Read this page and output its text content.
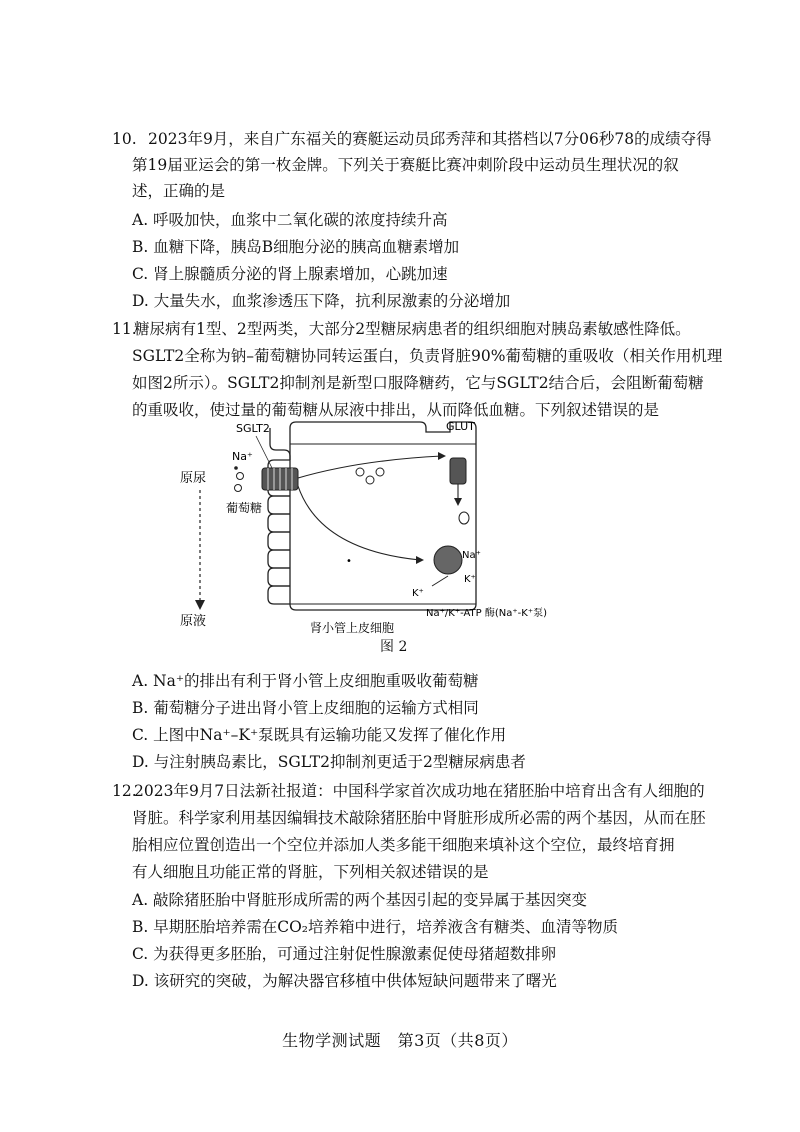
10. 2023年9月，来自广东福关的赛艇运动员邱秀萍和其搭档以7分06秒78的成绩夺得
第19届亚运会的第一枚金牌。下列关于赛艇比赛冲刺阶段中运动员生理状况的叙
述，正确的是
A. 呼吸加快，血浆中二氧化碳的浓度持续升高
B. 血糖下降，胰岛B细胞分泌的胰高血糖素增加
C. 肾上腺髓质分泌的肾上腺素增加，心跳加速
D. 大量失水，血浆渗透压下降，抗利尿激素的分泌增加
11.糖尿病有1型、2型两类，大部分2型糖尿病患者的组织细胞对胰岛素敏感性降低。
SGLT2全称为钠–葡萄糖协同转运蛋白，负责肾脏90%葡萄糖的重吸收（相关作用机理
如图2所示）。SGLT2抑制剂是新型口服降糖药，它与SGLT2结合后，会阻断葡萄糖
的重吸收，使过量的葡萄糖从尿液中排出，从而降低血糖。下列叙述错误的是
原尿
原液
SGLT2
Na⁺
葡萄糖
GLUT
•
Na⁺
K⁺
K⁺
Na⁺/K⁺-ATP 酶(Na⁺-K⁺泵)
肾小管上皮细胞
图 2
A. Na⁺的排出有利于肾小管上皮细胞重吸收葡萄糖
B. 葡萄糖分子进出肾小管上皮细胞的运输方式相同
C. 上图中Na⁺–K⁺泵既具有运输功能又发挥了催化作用
D. 与注射胰岛素比，SGLT2抑制剂更适于2型糖尿病患者
12.2023年9月7日法新社报道：中国科学家首次成功地在猪胚胎中培育出含有人细胞的
肾脏。科学家利用基因编辑技术敲除猪胚胎中肾脏形成所必需的两个基因，从而在胚
胎相应位置创造出一个空位并添加人类多能干细胞来填补这个空位，最终培育拥
有人细胞且功能正常的肾脏，下列相关叙述错误的是
A. 敲除猪胚胎中肾脏形成所需的两个基因引起的变异属于基因突变
B. 早期胚胎培养需在CO₂培养箱中进行，培养液含有糖类、血清等物质
C. 为获得更多胚胎，可通过注射促性腺激素促使母猪超数排卵
D. 该研究的突破，为解决器官移植中供体短缺问题带来了曙光
生物学测试题　第3页（共8页）
